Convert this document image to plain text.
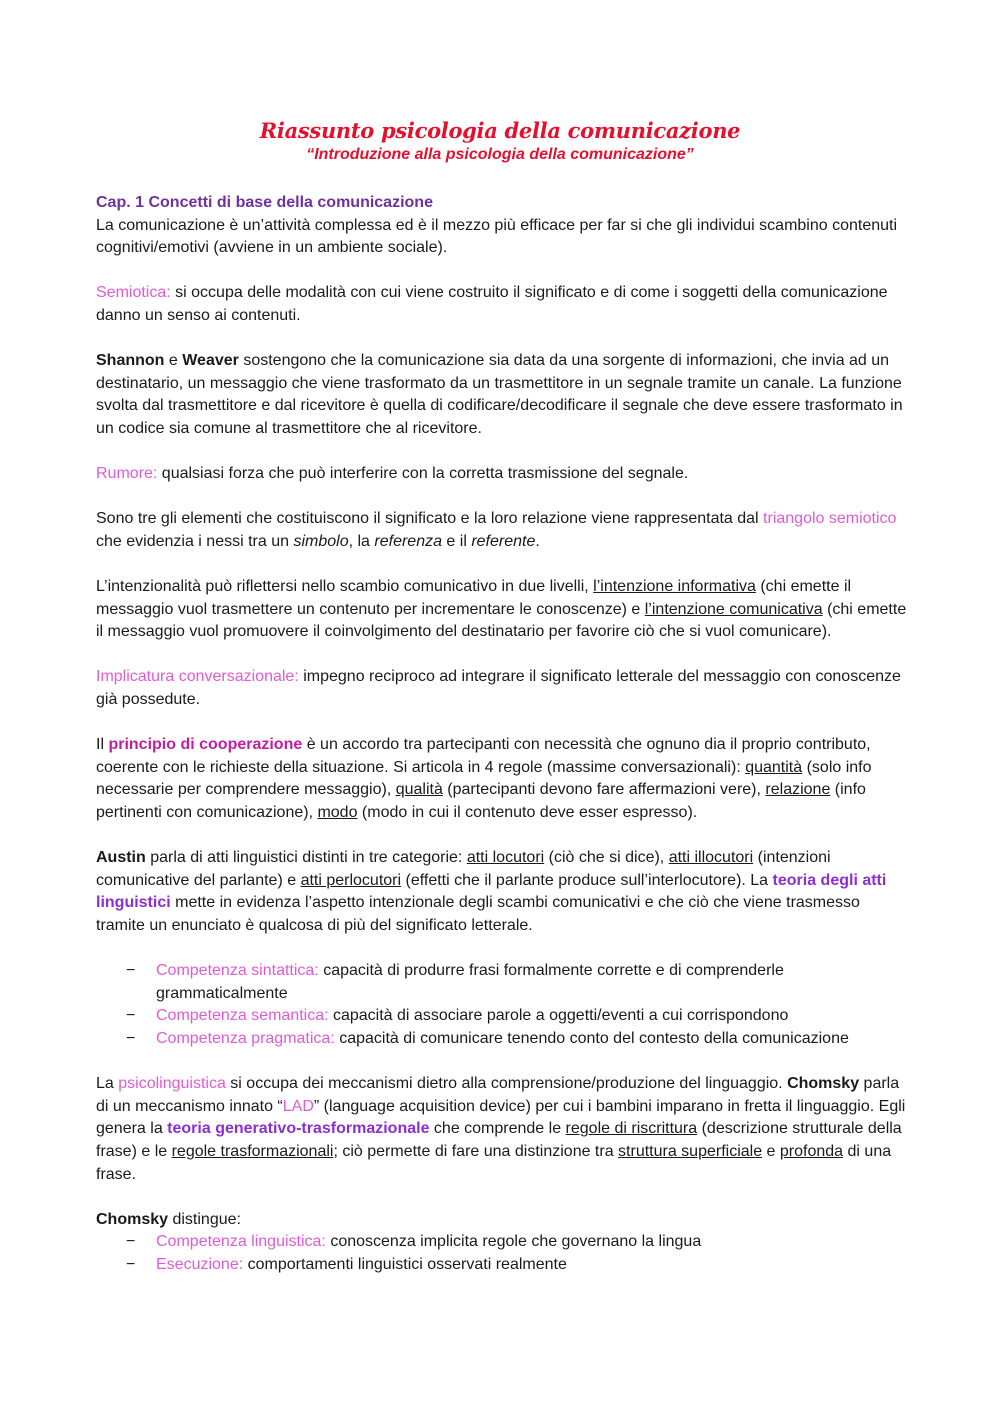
Riassunto psicologia della comunicazione
“Introduzione alla psicologia della comunicazione”
Cap. 1 Concetti di base della comunicazione

La comunicazione è un’attività complessa ed è il mezzo più efficace per far si che gli individui scambino contenuti cognitivi/emotivi (avviene in un ambiente sociale).

Semiotica: si occupa delle modalità con cui viene costruito il significato e di come i soggetti della comunicazione danno un senso ai contenuti.

Shannon e Weaver sostengono che la comunicazione sia data da una sorgente di informazioni, che invia ad un destinatario, un messaggio che viene trasformato da un trasmettitore in un segnale tramite un canale. La funzione svolta dal trasmettitore e dal ricevitore è quella di codificare/decodificare il segnale che deve essere trasformato in un codice sia comune al trasmettitore che al ricevitore.

Rumore: qualsiasi forza che può interferire con la corretta trasmissione del segnale.

Sono tre gli elementi che costituiscono il significato e la loro relazione viene rappresentata dal triangolo semiotico che evidenzia i nessi tra un simbolo, la referenza e il referente.

L’intenzionalità può riflettersi nello scambio comunicativo in due livelli, l’intenzione informativa (chi emette il messaggio vuol trasmettere un contenuto per incrementare le conoscenze) e l’intenzione comunicativa (chi emette il messaggio vuol promuovere il coinvolgimento del destinatario per favorire ciò che si vuol comunicare).

Implicatura conversazionale: impegno reciproco ad integrare il significato letterale del messaggio con conoscenze già possedute.

Il principio di cooperazione è un accordo tra partecipanti con necessità che ognuno dia il proprio contributo, coerente con le richieste della situazione. Si articola in 4 regole (massime conversazionali): quantità (solo info necessarie per comprendere messaggio), qualità (partecipanti devono fare affermazioni vere), relazione (info pertinenti con comunicazione), modo (modo in cui il contenuto deve esser espresso).

Austin parla di atti linguistici distinti in tre categorie: atti locutori (ciò che si dice), atti illocutori (intenzioni comunicative del parlante) e atti perlocutori (effetti che il parlante produce sull’interlocutore). La teoria degli atti linguistici mette in evidenza l’aspetto intenzionale degli scambi comunicativi e che ciò che viene trasmesso tramite un enunciato è qualcosa di più del significato letterale.

− Competenza sintattica: capacità di produrre frasi formalmente corrette e di comprenderle grammaticalmente
− Competenza semantica: capacità di associare parole a oggetti/eventi a cui corrispondono
− Competenza pragmatica: capacità di comunicare tenendo conto del contesto della comunicazione

La psicolinguistica si occupa dei meccanismi dietro alla comprensione/produzione del linguaggio. Chomsky parla di un meccanismo innato “LAD” (language acquisition device) per cui i bambini imparano in fretta il linguaggio. Egli genera la teoria generativo-trasformazionale che comprende le regole di riscrittura (descrizione strutturale della frase) e le regole trasformazionali; ciò permette di fare una distinzione tra struttura superficiale e profonda di una frase.

Chomsky distingue:
− Competenza linguistica: conoscenza implicita regole che governano la lingua
− Esecuzione: comportamenti linguistici osservati realmente
